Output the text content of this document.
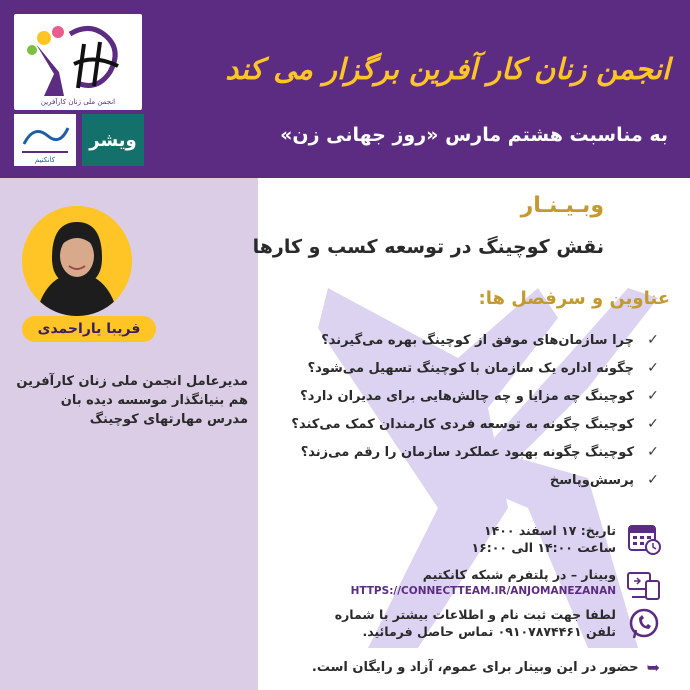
انجمن ملی زنان کارآفرین
کانکتیم
ویشر
انجمن زنان کار آفرین برگزار می کند
به مناسبت هشتم مارس «روز جهانی زن»
فریبا یاراحمدی
مدیرعامل انجمن ملی زنان کارآفرین
هم بنیانگذار موسسه دیده بان
مدرس مهارتهای کوچینگ
وبـیـنـار
نقش کوچینگ در توسعه کسب و کارها
عناوین و سرفصل ها:
✓
چرا سازمان‌های موفق از کوچینگ بهره می‌گیرند؟
✓
چگونه اداره یک سازمان با کوچینگ تسهیل می‌شود؟
✓
کوچینگ چه مزایا و چه چالش‌هایی برای مدیران دارد؟
✓
کوچینگ چگونه به توسعه فردی کارمندان کمک می‌کند؟
✓
کوچینگ چگونه بهبود عملکرد سازمان را رقم می‌زند؟
✓
پرسش‌وپاسخ
تاریخ: ۱۷ اسفند ۱۴۰۰
ساعت ۱۴:۰۰ الی ۱۶:۰۰
وبینار – در پلتفرم شبکه کانکتیم
HTTPS://CONNECTTEAM.IR/ANJOMANEZANAN
لطفا جهت ثبت نام و اطلاعات بیشتر با شماره
تلفن ۰۹۱۰۷۸۷۴۴۶۱ تماس حاصل فرمائید.
➥
حضور در این وبینار برای عموم، آزاد و رایگان است.
